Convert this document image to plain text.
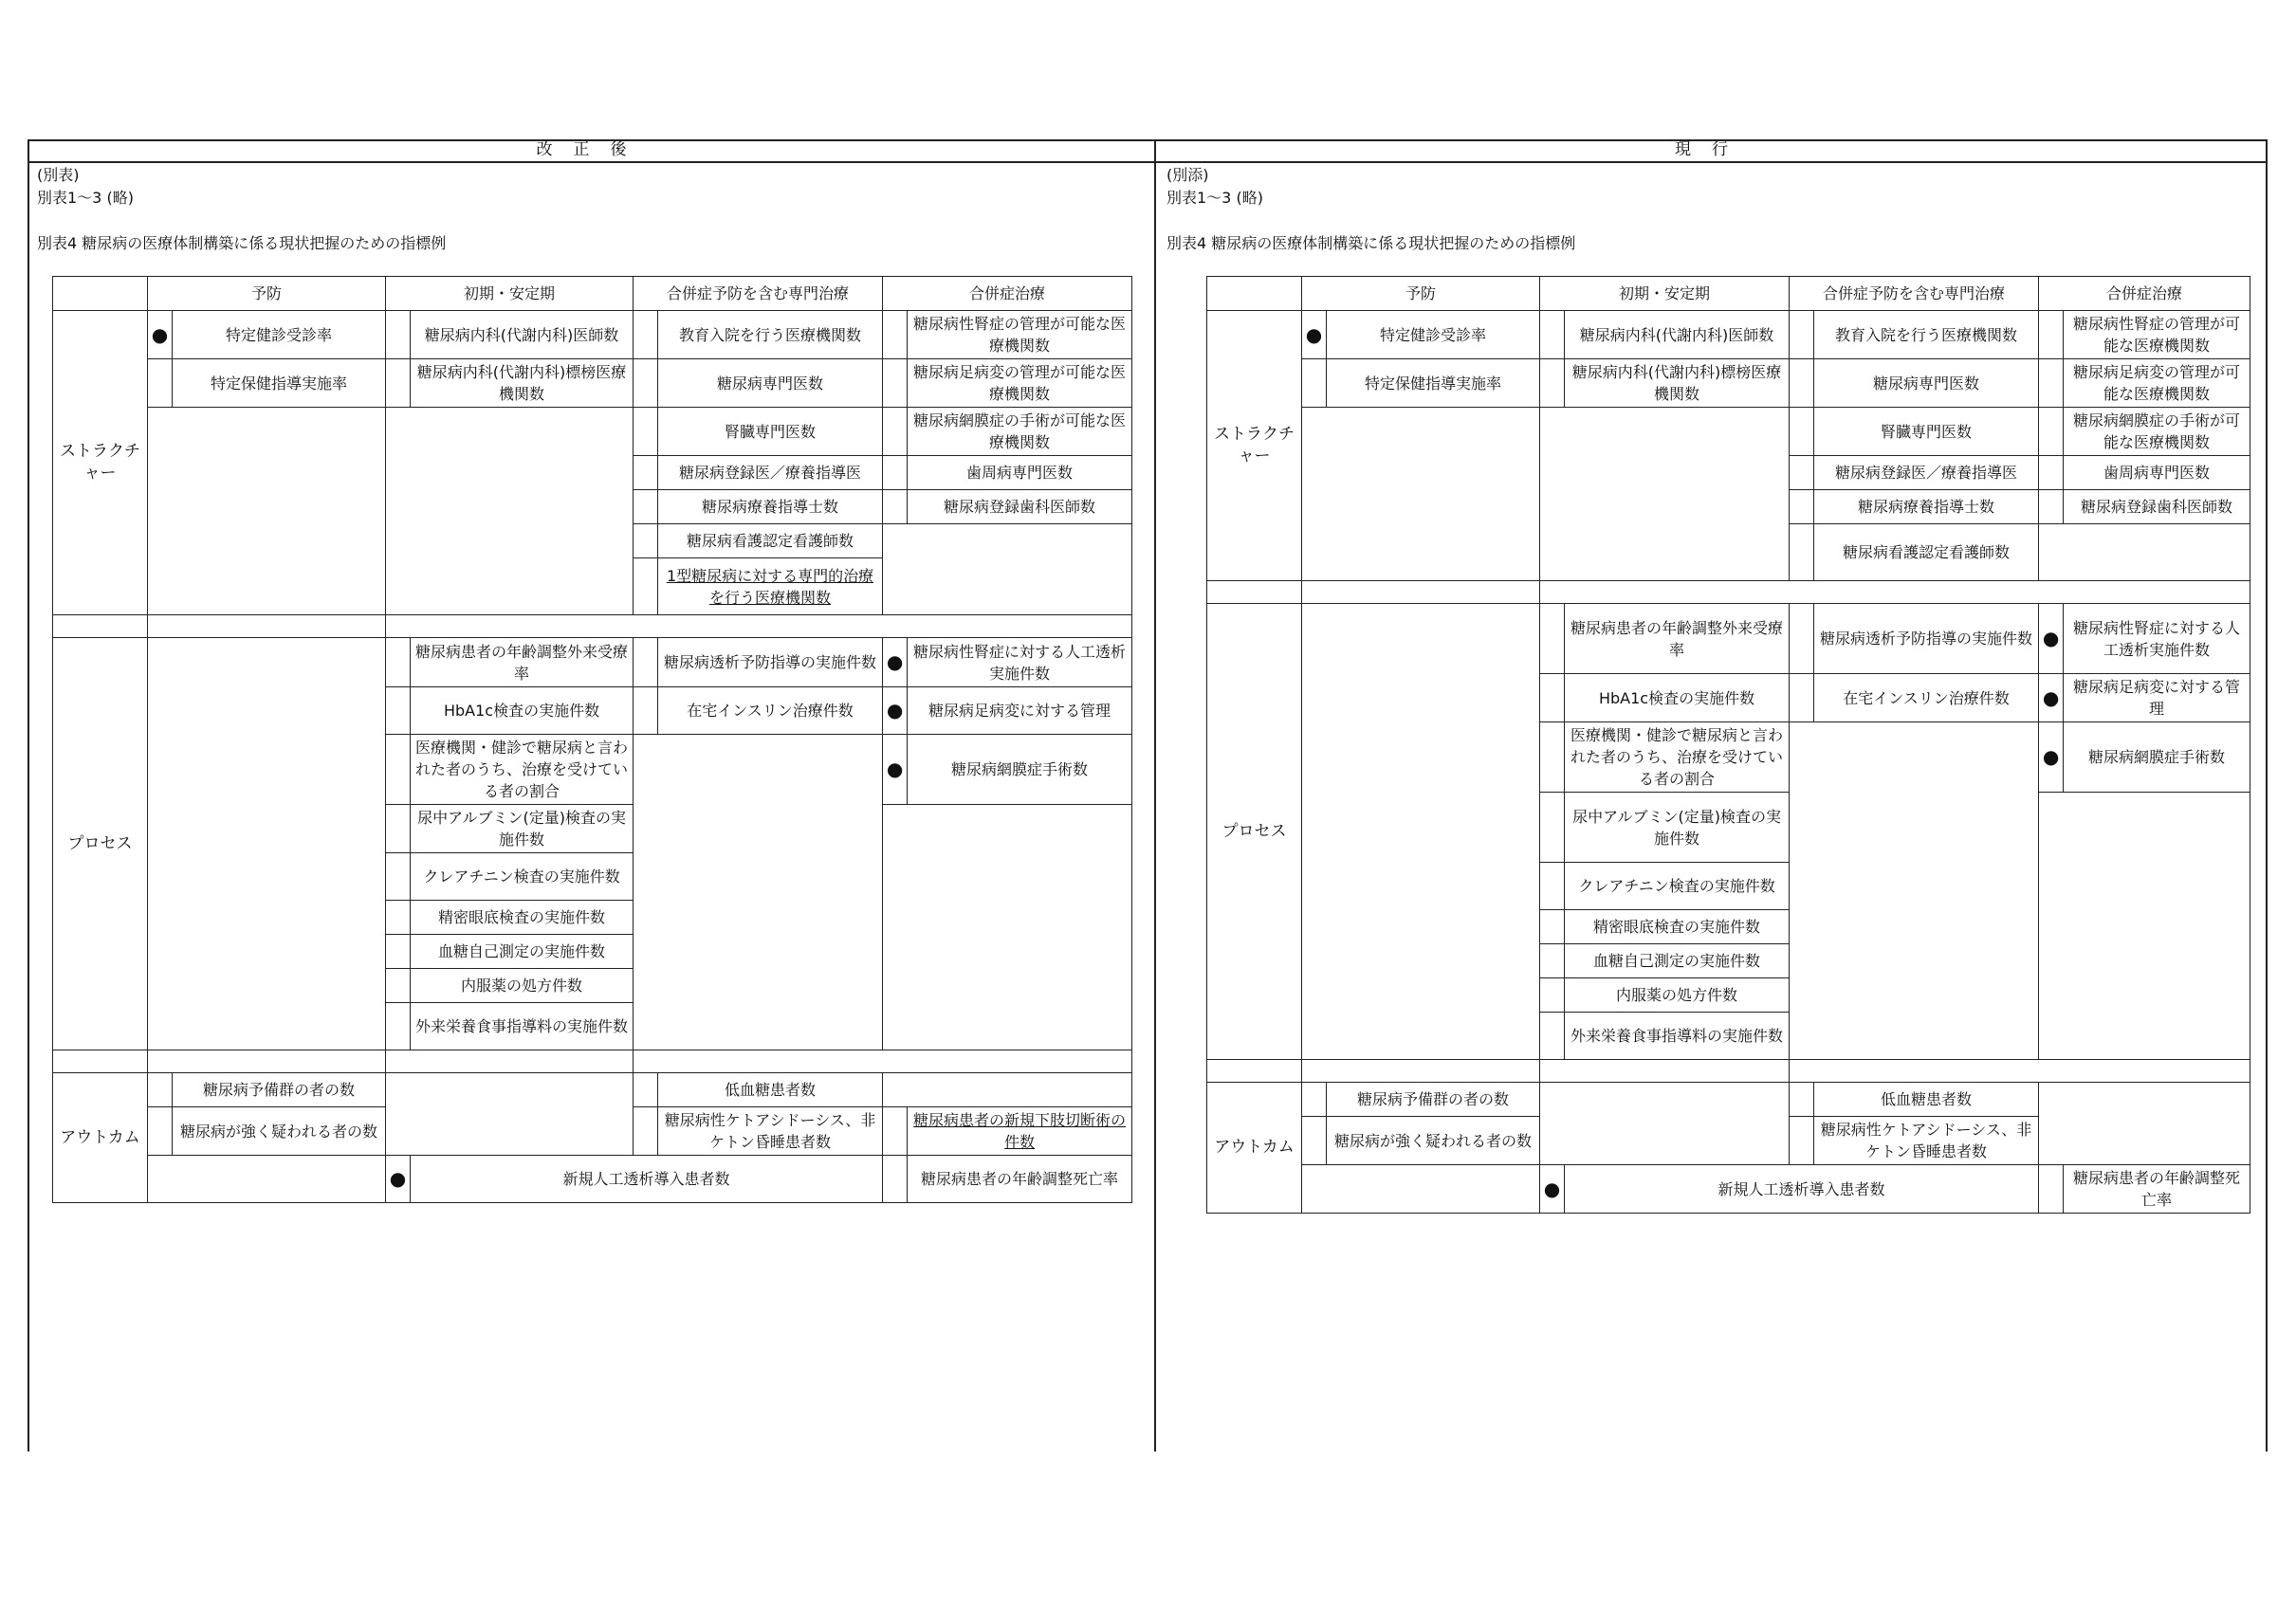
改正後
(別表)
別表1～3 (略)
別表4 糖尿病の医療体制構築に係る現状把握のための指標例
	予防		初期・安定期		合併症予防を含む専門治療		合併症治療	
ストラクチャー	●	特定健診受診率		糖尿病内科(代謝内科)医師数		教育入院を行う医療機関数		糖尿病性腎症の管理が可能な医療機関数
		特定保健指導実施率		糖尿病内科(代謝内科)標榜医療機関数		糖尿病専門医数		糖尿病足病変の管理が可能な医療機関数
						腎臓専門医数		糖尿病網膜症の手術が可能な医療機関数
						糖尿病登録医／療養指導医		歯周病専門医数
						糖尿病療養指導士数		糖尿病登録歯科医師数
						糖尿病看護認定看護師数		
						1型糖尿病に対する専門的治療を行う医療機関数		

プロセス				糖尿病患者の年齢調整外来受療率		糖尿病透析予防指導の実施件数	●	糖尿病性腎症に対する人工透析実施件数
				HbA1c検査の実施件数		在宅インスリン治療件数	●	糖尿病足病変に対する管理
				医療機関・健診で糖尿病と言われた者のうち、治療を受けている者の割合			●	糖尿病網膜症手術数
				尿中アルブミン(定量)検査の実施件数				
				クレアチニン検査の実施件数				
				精密眼底検査の実施件数				
				血糖自己測定の実施件数				
				内服薬の処方件数				
				外来栄養食事指導料の実施件数				

アウトカム		糖尿病予備群の者の数				低血糖患者数		
		糖尿病が強く疑われる者の数				糖尿病性ケトアシドーシス、非ケトン昏睡患者数		糖尿病患者の新規下肢切断術の件数
			●	新規人工透析導入患者数				糖尿病患者の年齢調整死亡率
現行
(別添)
別表1～3 (略)
別表4 糖尿病の医療体制構築に係る現状把握のための指標例
	予防		初期・安定期		合併症予防を含む専門治療		合併症治療	
ストラクチャー	●	特定健診受診率		糖尿病内科(代謝内科)医師数		教育入院を行う医療機関数		糖尿病性腎症の管理が可能な医療機関数
		特定保健指導実施率		糖尿病内科(代謝内科)標榜医療機関数		糖尿病専門医数		糖尿病足病変の管理が可能な医療機関数
						腎臓専門医数		糖尿病網膜症の手術が可能な医療機関数
						糖尿病登録医／療養指導医		歯周病専門医数
						糖尿病療養指導士数		糖尿病登録歯科医師数
						糖尿病看護認定看護師数		

プロセス				糖尿病患者の年齢調整外来受療率		糖尿病透析予防指導の実施件数	●	糖尿病性腎症に対する人工透析実施件数
				HbA1c検査の実施件数		在宅インスリン治療件数	●	糖尿病足病変に対する管理
				医療機関・健診で糖尿病と言われた者のうち、治療を受けている者の割合			●	糖尿病網膜症手術数
				尿中アルブミン(定量)検査の実施件数				
				クレアチニン検査の実施件数				
				精密眼底検査の実施件数				
				血糖自己測定の実施件数				
				内服薬の処方件数				
				外来栄養食事指導料の実施件数				

アウトカム		糖尿病予備群の者の数				低血糖患者数		
		糖尿病が強く疑われる者の数				糖尿病性ケトアシドーシス、非ケトン昏睡患者数		
			●	新規人工透析導入患者数				糖尿病患者の年齢調整死亡率
